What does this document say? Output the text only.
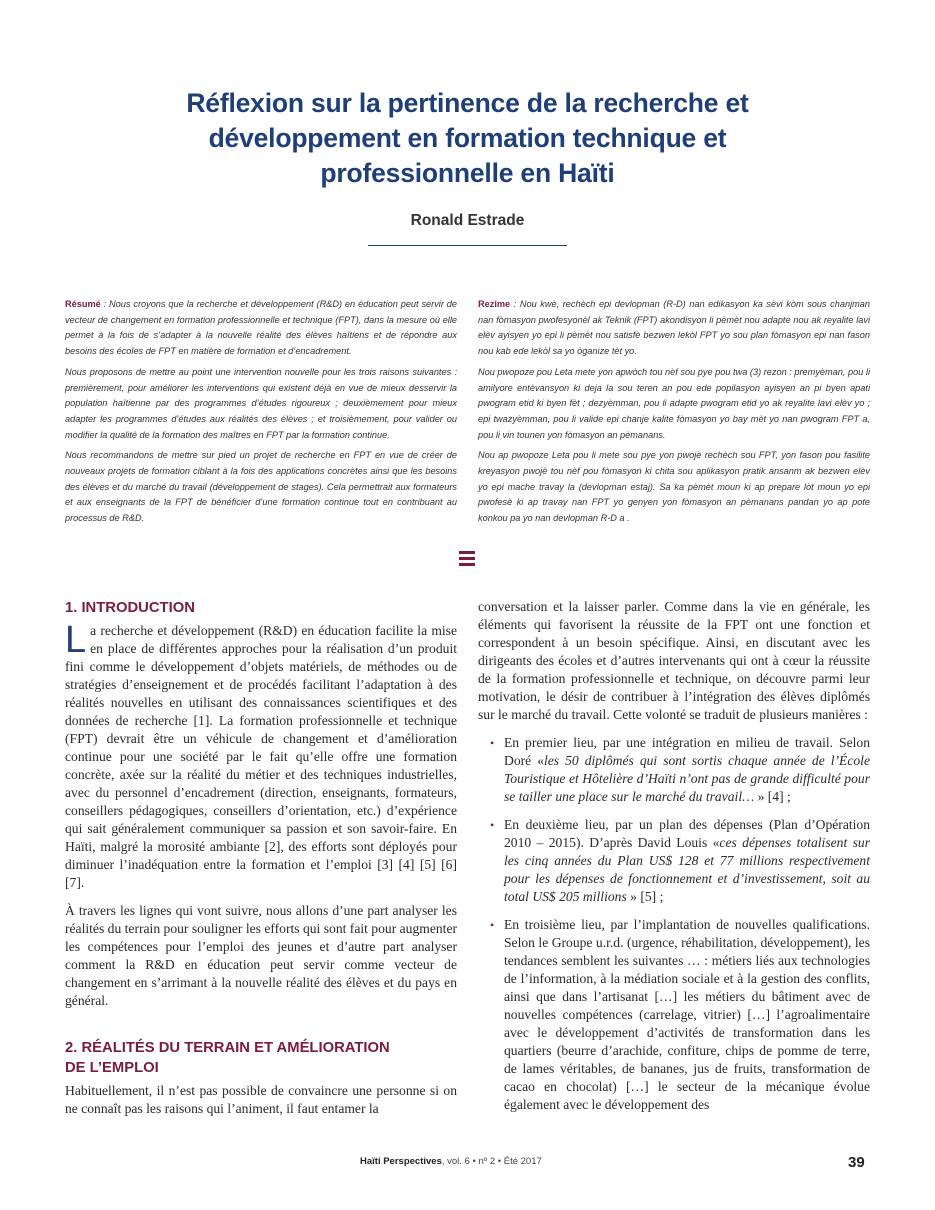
Réflexion sur la pertinence de la recherche et développement en formation technique et professionnelle en Haïti
Ronald Estrade

Résumé : Nous croyons que la recherche et développement (R&D) en éducation peut servir de vecteur de changement en formation professionnelle et technique (FPT), dans la mesure où elle permet à la fois de s’adapter à la nouvelle réalité des élèves haïtiens et de répondre aux besoins des écoles de FPT en matière de formation et d’encadrement.

Nous proposons de mettre au point une intervention nouvelle pour les trois raisons suivantes : premièrement, pour améliorer les interventions qui existent déjà en vue de mieux desservir la population haïtienne par des programmes d’études rigoureux ; deuxièmement pour mieux adapter les programmes d’études aux réalités des élèves ; et troisièmement, pour valider ou modifier la qualité de la formation des maîtres en FPT par la formation continue.

Nous recommandons de mettre sur pied un projet de recherche en FPT en vue de créer de nouveaux projets de formation ciblant à la fois des applications concrètes ainsi que les besoins des élèves et du marché du travail (développement de stages). Cela permettrait aux formateurs et aux enseignants de la FPT de bénéficier d’une formation continue tout en contribuant au processus de R&D.

Rezime : Nou kwè, rechèch epi devlopman (R-D) nan edikasyon ka sèvi kòm sous chanjman nan fòmasyon pwofesyonèl ak Teknik (FPT) akondisyon li pèmèt nou adapte nou ak reyalite lavi elèv ayisyen yo epi li pèmèt nou satisfè bezwen lekòl FPT yo sou plan fòmasyon epi nan fason nou kab ede lekòl sa yo òganize tèt yo.

Nou pwopoze pou Leta mete yon apwòch tou nèf sou pye pou twa (3) rezon : premyèman, pou li amilyore entèvansyon ki deja la sou teren an pou ede popilasyon ayisyen an pi byen apati pwogram etid ki byen fèt ; dezyèmman, pou li adapte pwogram etid yo ak reyalite lavi elèv yo ; epi twazyèmman, pou li valide epi chanje kalite fòmasyon yo bay mèt yo nan pwogram FPT a, pou li vin tounen yon fòmasyon an pèmanans.

Nou ap pwopoze Leta pou li mete sou pye yon pwojè rechèch sou FPT, yon fason pou fasilite kreyasyon pwojè tou nèf pou fòmasyon ki chita sou aplikasyon pratik ansanm ak bezwen elèv yo epi mache travay la (devlopman estaj). Sa ka pèmèt moun ki ap prepare lòt moun yo epi pwofesè ki ap travay nan FPT yo genyen yon fòmasyon an pèmanans pandan yo ap pote konkou pa yo nan devlopman R-D a .

1. INTRODUCTION

La recherche et développement (R&D) en éducation facilite la mise en place de différentes approches pour la réalisation d’un produit fini comme le développement d’objets matériels, de méthodes ou de stratégies d’enseignement et de procédés facilitant l’adaptation à des réalités nouvelles en utilisant des connaissances scientifiques et des données de recherche [1]. La formation professionnelle et technique (FPT) devrait être un véhicule de changement et d’amélioration continue pour une société par le fait qu’elle offre une formation concrète, axée sur la réalité du métier et des techniques industrielles, avec du personnel d’encadrement (direction, enseignants, formateurs, conseillers pédagogiques, conseillers d’orientation, etc.) d’expérience qui sait généralement communiquer sa passion et son savoir-faire. En Haïti, malgré la morosité ambiante [2], des efforts sont déployés pour diminuer l’inadéquation entre la formation et l’emploi [3] [4] [5] [6] [7].

À travers les lignes qui vont suivre, nous allons d’une part analyser les réalités du terrain pour souligner les efforts qui sont fait pour augmenter les compétences pour l’emploi des jeunes et d’autre part analyser comment la R&D en éducation peut servir comme vecteur de changement en s’arrimant à la nouvelle réalité des élèves et du pays en général.

2. RÉALITÉS DU TERRAIN ET AMÉLIORATION
DE L’EMPLOI

Habituellement, il n’est pas possible de convaincre une personne si on ne connaît pas les raisons qui l’animent, il faut entamer la

conversation et la laisser parler. Comme dans la vie en générale, les éléments qui favorisent la réussite de la FPT ont une fonction et correspondent à un besoin spécifique. Ainsi, en discutant avec les dirigeants des écoles et d’autres intervenants qui ont à cœur la réussite de la formation professionnelle et technique, on découvre parmi leur motivation, le désir de contribuer à l’intégration des élèves diplômés sur le marché du travail. Cette volonté se traduit de plusieurs manières :

• En premier lieu, par une intégration en milieu de travail. Selon Doré «les 50 diplômés qui sont sortis chaque année de l’École Touristique et Hôtelière d’Haïti n’ont pas de grande difficulté pour se tailler une place sur le marché du travail… » [4] ;
• En deuxième lieu, par un plan des dépenses (Plan d’Opération 2010 – 2015). D’après David Louis «ces dépenses totalisent sur les cinq années du Plan US$ 128 et 77 millions respectivement pour les dépenses de fonctionnement et d’investissement, soit au total US$ 205 millions » [5] ;
• En troisième lieu, par l’implantation de nouvelles qualifications. Selon le Groupe u.r.d. (urgence, réhabilitation, développement), les tendances semblent les suivantes … : métiers liés aux technologies de l’information, à la médiation sociale et à la gestion des conflits, ainsi que dans l’artisanat […] les métiers du bâtiment avec de nouvelles compétences (carrelage, vitrier) […] l’agroalimentaire avec le développement d’activités de transformation dans les quartiers (beurre d’arachide, confiture, chips de pomme de terre, de lames véritables, de bananes, jus de fruits, transformation de cacao en chocolat) […] le secteur de la mécanique évolue également avec le développement des
Haïti Perspectives, vol. 6 • nº 2 • Été 2017	39
